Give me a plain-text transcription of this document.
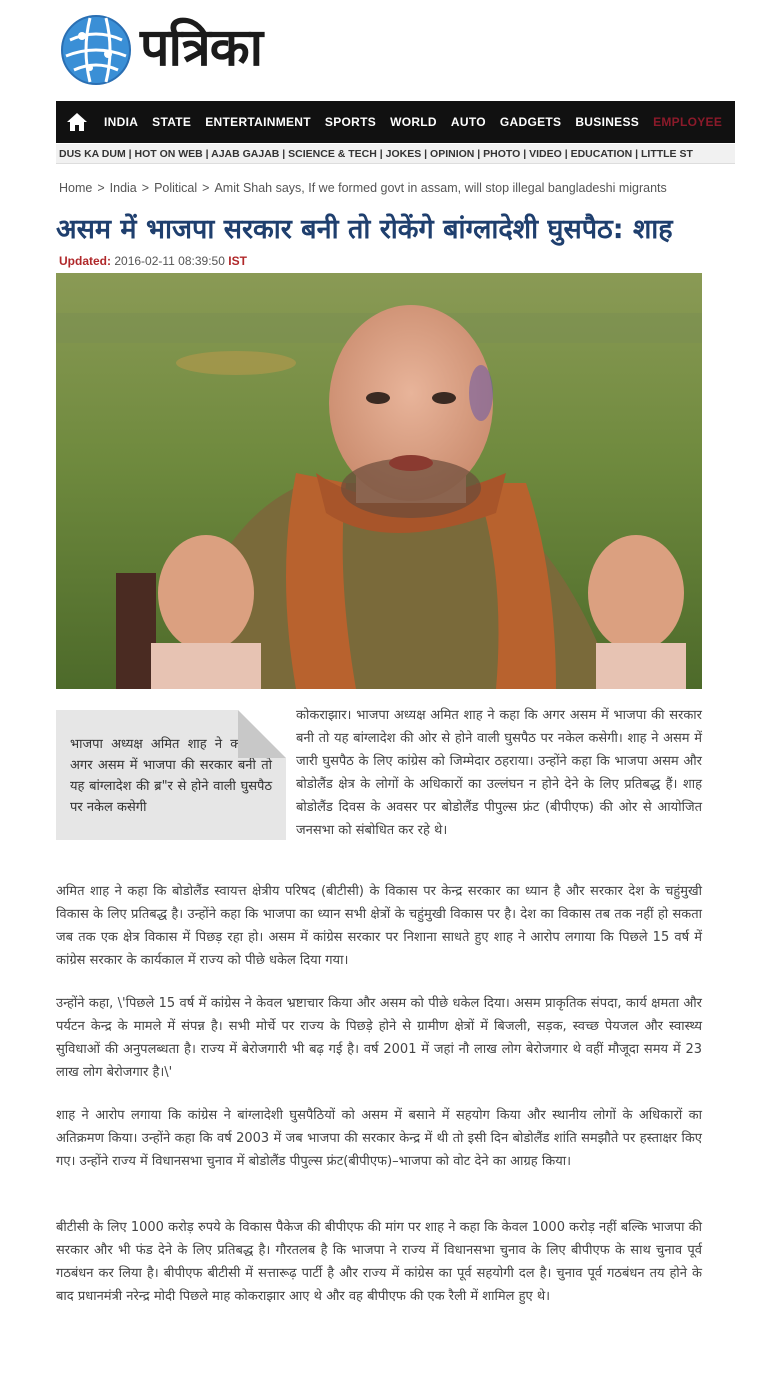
पत्रिका
INDIA STATE ENTERTAINMENT SPORTS WORLD AUTO GADGETS BUSINESS EMPLOYEE
DUS KA DUM | HOT ON WEB | AJAB GAJAB | SCIENCE & TECH | JOKES | OPINION | PHOTO | VIDEO | EDUCATION | LITTLE ST
Home > India > Political > Amit Shah says, If we formed govt in assam, will stop illegal bangladeshi migrants
असम में भाजपा सरकार बनी तो रोकेंगे बांग्लादेशी घुसपैठ: शाह
Updated: 2016-02-11 08:39:50 IST
भाजपा अध्यक्ष अमित शाह ने कहा कि अगर असम में भाजपा की सरकार बनी तो यह बांग्लादेश की ब्र"र से होने वाली घुसपैठ पर नकेल कसेगी

कोकराझार। भाजपा अध्यक्ष अमित शाह ने कहा कि अगर असम में भाजपा की सरकार बनी तो यह बांग्लादेश की ओर से होने वाली घुसपैठ पर नकेल कसेगी। शाह ने असम में जारी घुसपैठ के लिए कांग्रेस को जिम्मेदार ठहराया। उन्होंने कहा कि भाजपा असम और बोडोलैंड क्षेत्र के लोगों के अधिकारों का उल्लंघन न होने देने के लिए प्रतिबद्ध हैं। शाह बोडोलैंड दिवस के अवसर पर बोडोलैंड पीपुल्स फ्रंट (बीपीएफ) की ओर से आयोजित जनसभा को संबोधित कर रहे थे।

अमित शाह ने कहा कि बोडोलैंड स्वायत्त क्षेत्रीय परिषद (बीटीसी) के विकास पर केन्द्र सरकार का ध्यान है और सरकार देश के चहुंमुखी विकास के लिए प्रतिबद्ध है। उन्होंने कहा कि भाजपा का ध्यान सभी क्षेत्रों के चहुंमुखी विकास पर है। देश का विकास तब तक नहीं हो सकता जब तक एक क्षेत्र विकास में पिछड़ रहा हो। असम में कांग्रेस सरकार पर निशाना साधते हुए शाह ने आरोप लगाया कि पिछले 15 वर्ष में कांग्रेस सरकार के कार्यकाल में राज्य को पीछे धकेल दिया गया।

उन्होंने कहा, \'पिछले 15 वर्ष में कांग्रेस ने केवल भ्रष्टाचार किया और असम को पीछे धकेल दिया। असम प्राकृतिक संपदा, कार्य क्षमता और पर्यटन केन्द्र के मामले में संपन्न है। सभी मोर्चे पर राज्य के पिछड़े होने से ग्रामीण क्षेत्रों में बिजली, सड़क, स्वच्छ पेयजल और स्वास्थ्य सुविधाओं की अनुपलब्धता है। राज्य में बेरोजगारी भी बढ़ गई है। वर्ष 2001 में जहां नौ लाख लोग बेरोजगार थे वहीं मौजूदा समय में 23 लाख लोग बेरोजगार है।\'

शाह ने आरोप लगाया कि कांग्रेस ने बांग्लादेशी घुसपैठियों को असम में बसाने में सहयोग किया और स्थानीय लोगों के अधिकारों का अतिक्रमण किया। उन्होंने कहा कि वर्ष 2003 में जब भाजपा की सरकार केन्द्र में थी तो इसी दिन बोडोलैंड शांति समझौते पर हस्ताक्षर किए गए। उन्होंने राज्य में विधानसभा चुनाव में बोडोलैंड पीपुल्स फ्रंट(बीपीएफ)–भाजपा को वोट देने का आग्रह किया।

बीटीसी के लिए 1000 करोड़ रुपये के विकास पैकेज की बीपीएफ की मांग पर शाह ने कहा कि केवल 1000 करोड़ नहीं बल्कि भाजपा की सरकार और भी फंड देने के लिए प्रतिबद्ध है। गौरतलब है कि भाजपा ने राज्य में विधानसभा चुनाव के लिए बीपीएफ के साथ चुनाव पूर्व गठबंधन कर लिया है। बीपीएफ बीटीसी में सत्तारूढ़ पार्टी है और राज्य में कांग्रेस का पूर्व सहयोगी दल है। चुनाव पूर्व गठबंधन तय होने के बाद प्रधानमंत्री नरेन्द्र मोदी पिछले माह कोकराझार आए थे और वह बीपीएफ की एक रैली में शामिल हुए थे।
